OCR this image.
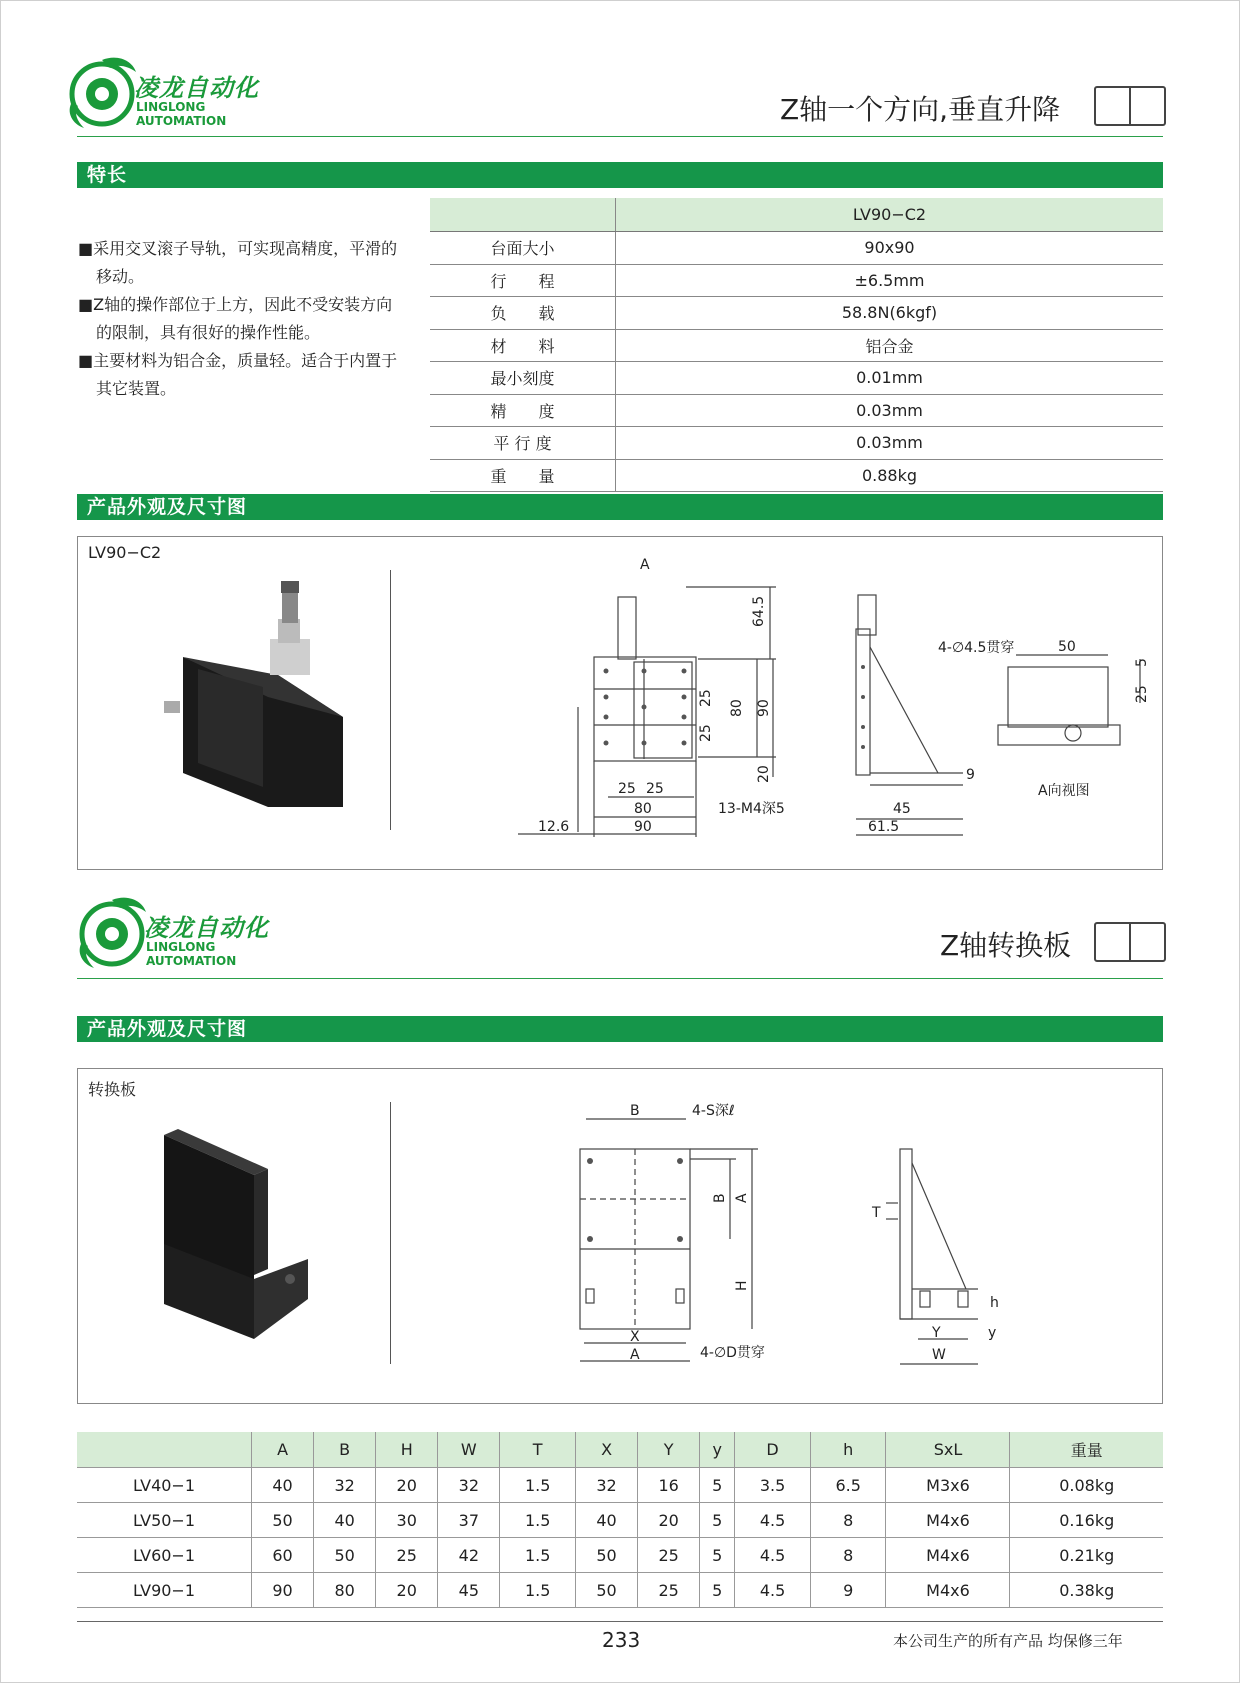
凌龙自动化
LINGLONG AUTOMATION	Z轴一个方向,垂直升降
特长
■采用交叉滚子导轨，可实现高精度，平滑的移动。
■Z轴的操作部位于上方，因此不受安装方向的限制，具有很好的操作性能。
■主要材料为铝合金，质量轻。适合于内置于其它装置。
	LV90−C2
台面大小	90x90
行　　程	±6.5mm
负　　载	58.8N(6kgf)
材　　料	铝合金
最小刻度	0.01mm
精　　度	0.03mm
平 行 度	0.03mm
重　　量	0.88kg
产品外观及尺寸图
LV90−C2
A
64.5
25
25
80 90
20
25 25
80
90
12.6
13-M4深5	45
61.5
4-∅4.5贯穿	50
5
25
9
A向视图
凌龙自动化
LINGLONG AUTOMATION	Z轴转换板
产品外观及尺寸图
转换板
B	4-S深ℓ
B A
H
X
A	4-∅D贯穿
T
h
Y	y
W
	A	B	H	W	T	X	Y	y	D	h	SxL	重量
LV40−1	40	32	20	32	1.5	32	16	5	3.5	6.5	M3x6	0.08kg
LV50−1	50	40	30	37	1.5	40	20	5	4.5	8	M4x6	0.16kg
LV60−1	60	50	25	42	1.5	50	25	5	4.5	8	M4x6	0.21kg
LV90−1	90	80	20	45	1.5	50	25	5	4.5	9	M4x6	0.38kg
233	本公司生产的所有产品 均保修三年
